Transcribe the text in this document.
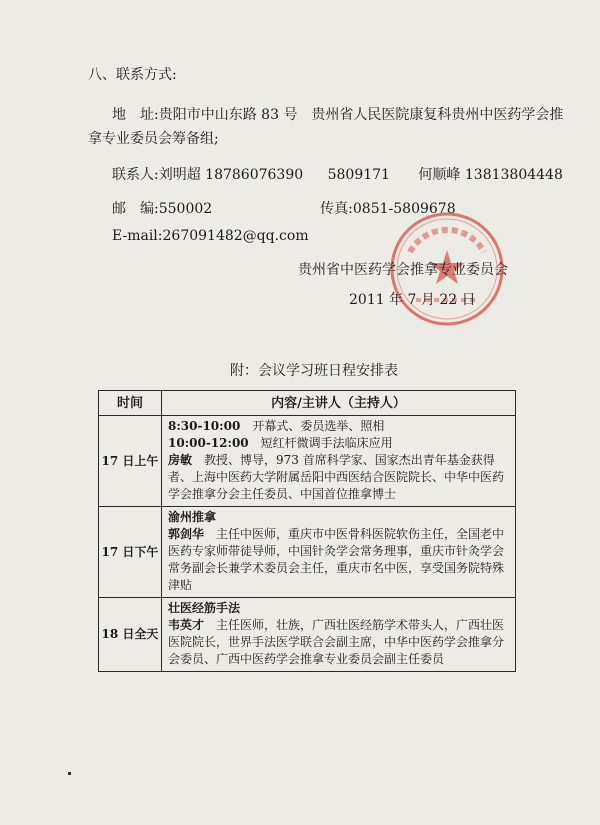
八、联系方式:
地　址:贵阳市中山东路 83 号　贵州省人民医院康复科贵州中医药学会推
拿专业委员会筹备组;
联系人:刘明超 18786076390 5809171 何顺峰 13813804448
邮　编:550002	传真:0851-5809678
E-mail:267091482@qq.com
贵州省中医药学会推拿专业委员会
2011 年 7 月 22 日
附：会议学习班日程安排表
时间	内容/主讲人（主持人）
17 日上午	8:30-10:00　 开幕式、委员选举、照相
10:00-12:00　 短红杆微调手法临床应用
房敏　 教授、博导，973 首席科学家、国家杰出青年基金获得者、上海中医药大学附属岳阳中西医结合医院院长、中华中医药学会推拿分会主任委员、中国首位推拿博士

17 日下午	渝州推拿
郭剑华　 主任中医师，重庆市中医骨科医院软伤主任，全国老中医药专家师带徒导师，中国针灸学会常务理事，重庆市针灸学会常务副会长兼学术委员会主任，重庆市名中医，享受国务院特殊津贴

18 日全天	壮医经筋手法
韦英才　 主任医师，壮族，广西壮医经筋学术带头人，广西壮医医院院长，世界手法医学联合会副主席，中华中医药学会推拿分会委员、广西中医药学会推拿专业委员会副主任委员
